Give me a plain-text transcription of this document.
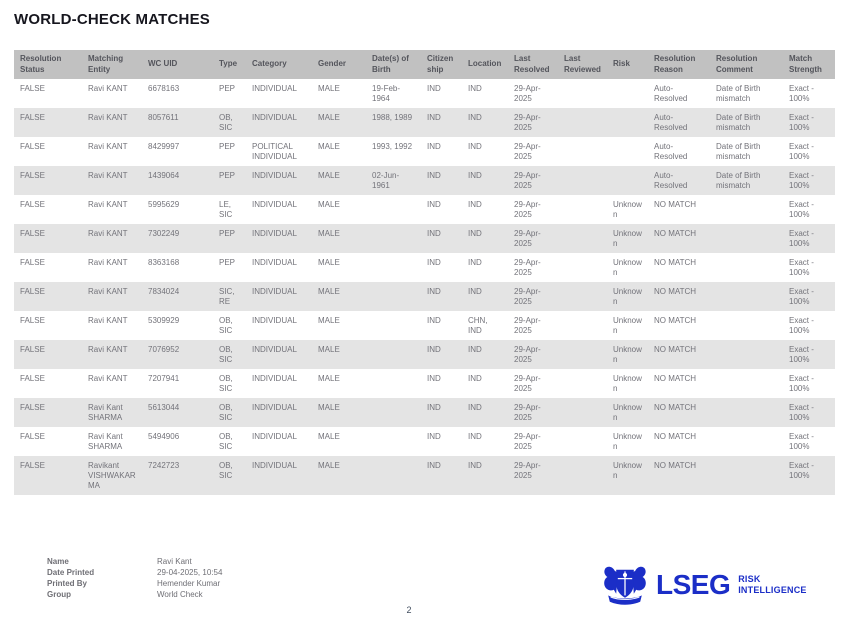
WORLD-CHECK MATCHES
Resolution Status	Matching Entity	WC UID	Type	Category	Gender	Date(s) of Birth	Citizenship	Location	Last Resolved	Last Reviewed	Risk	Resolution Reason	Resolution Comment	Match Strength
FALSE	Ravi KANT	6678163	PEP	INDIVIDUAL	MALE	19-Feb-1964	IND	IND	29-Apr-2025			Auto-Resolved	Date of Birth mismatch	Exact - 100%
FALSE	Ravi KANT	8057611	OB, SIC	INDIVIDUAL	MALE	1988, 1989	IND	IND	29-Apr-2025			Auto-Resolved	Date of Birth mismatch	Exact - 100%
FALSE	Ravi KANT	8429997	PEP	POLITICAL INDIVIDUAL	MALE	1993, 1992	IND	IND	29-Apr-2025			Auto-Resolved	Date of Birth mismatch	Exact - 100%
FALSE	Ravi KANT	1439064	PEP	INDIVIDUAL	MALE	02-Jun-1961	IND	IND	29-Apr-2025			Auto-Resolved	Date of Birth mismatch	Exact - 100%
FALSE	Ravi KANT	5995629	LE, SIC	INDIVIDUAL	MALE		IND	IND	29-Apr-2025		Unknown	NO MATCH		Exact - 100%
FALSE	Ravi KANT	7302249	PEP	INDIVIDUAL	MALE		IND	IND	29-Apr-2025		Unknown	NO MATCH		Exact - 100%
FALSE	Ravi KANT	8363168	PEP	INDIVIDUAL	MALE		IND	IND	29-Apr-2025		Unknown	NO MATCH		Exact - 100%
FALSE	Ravi KANT	7834024	SIC, RE	INDIVIDUAL	MALE		IND	IND	29-Apr-2025		Unknown	NO MATCH		Exact - 100%
FALSE	Ravi KANT	5309929	OB, SIC	INDIVIDUAL	MALE		IND	CHN, IND	29-Apr-2025		Unknown	NO MATCH		Exact - 100%
FALSE	Ravi KANT	7076952	OB, SIC	INDIVIDUAL	MALE		IND	IND	29-Apr-2025		Unknown	NO MATCH		Exact - 100%
FALSE	Ravi KANT	7207941	OB, SIC	INDIVIDUAL	MALE		IND	IND	29-Apr-2025		Unknown	NO MATCH		Exact - 100%
FALSE	Ravi Kant SHARMA	5613044	OB, SIC	INDIVIDUAL	MALE		IND	IND	29-Apr-2025		Unknown	NO MATCH		Exact - 100%
FALSE	Ravi Kant SHARMA	5494906	OB, SIC	INDIVIDUAL	MALE		IND	IND	29-Apr-2025		Unknown	NO MATCH		Exact - 100%
FALSE	Ravikant VISHWAKARMA	7242723	OB, SIC	INDIVIDUAL	MALE		IND	IND	29-Apr-2025		Unknown	NO MATCH		Exact - 100%
Name	Ravi Kant
Date Printed	29-04-2025, 10:54
Printed By	Hemender Kumar
Group	World Check	LSEG RISK
INTELLIGENCE
2
